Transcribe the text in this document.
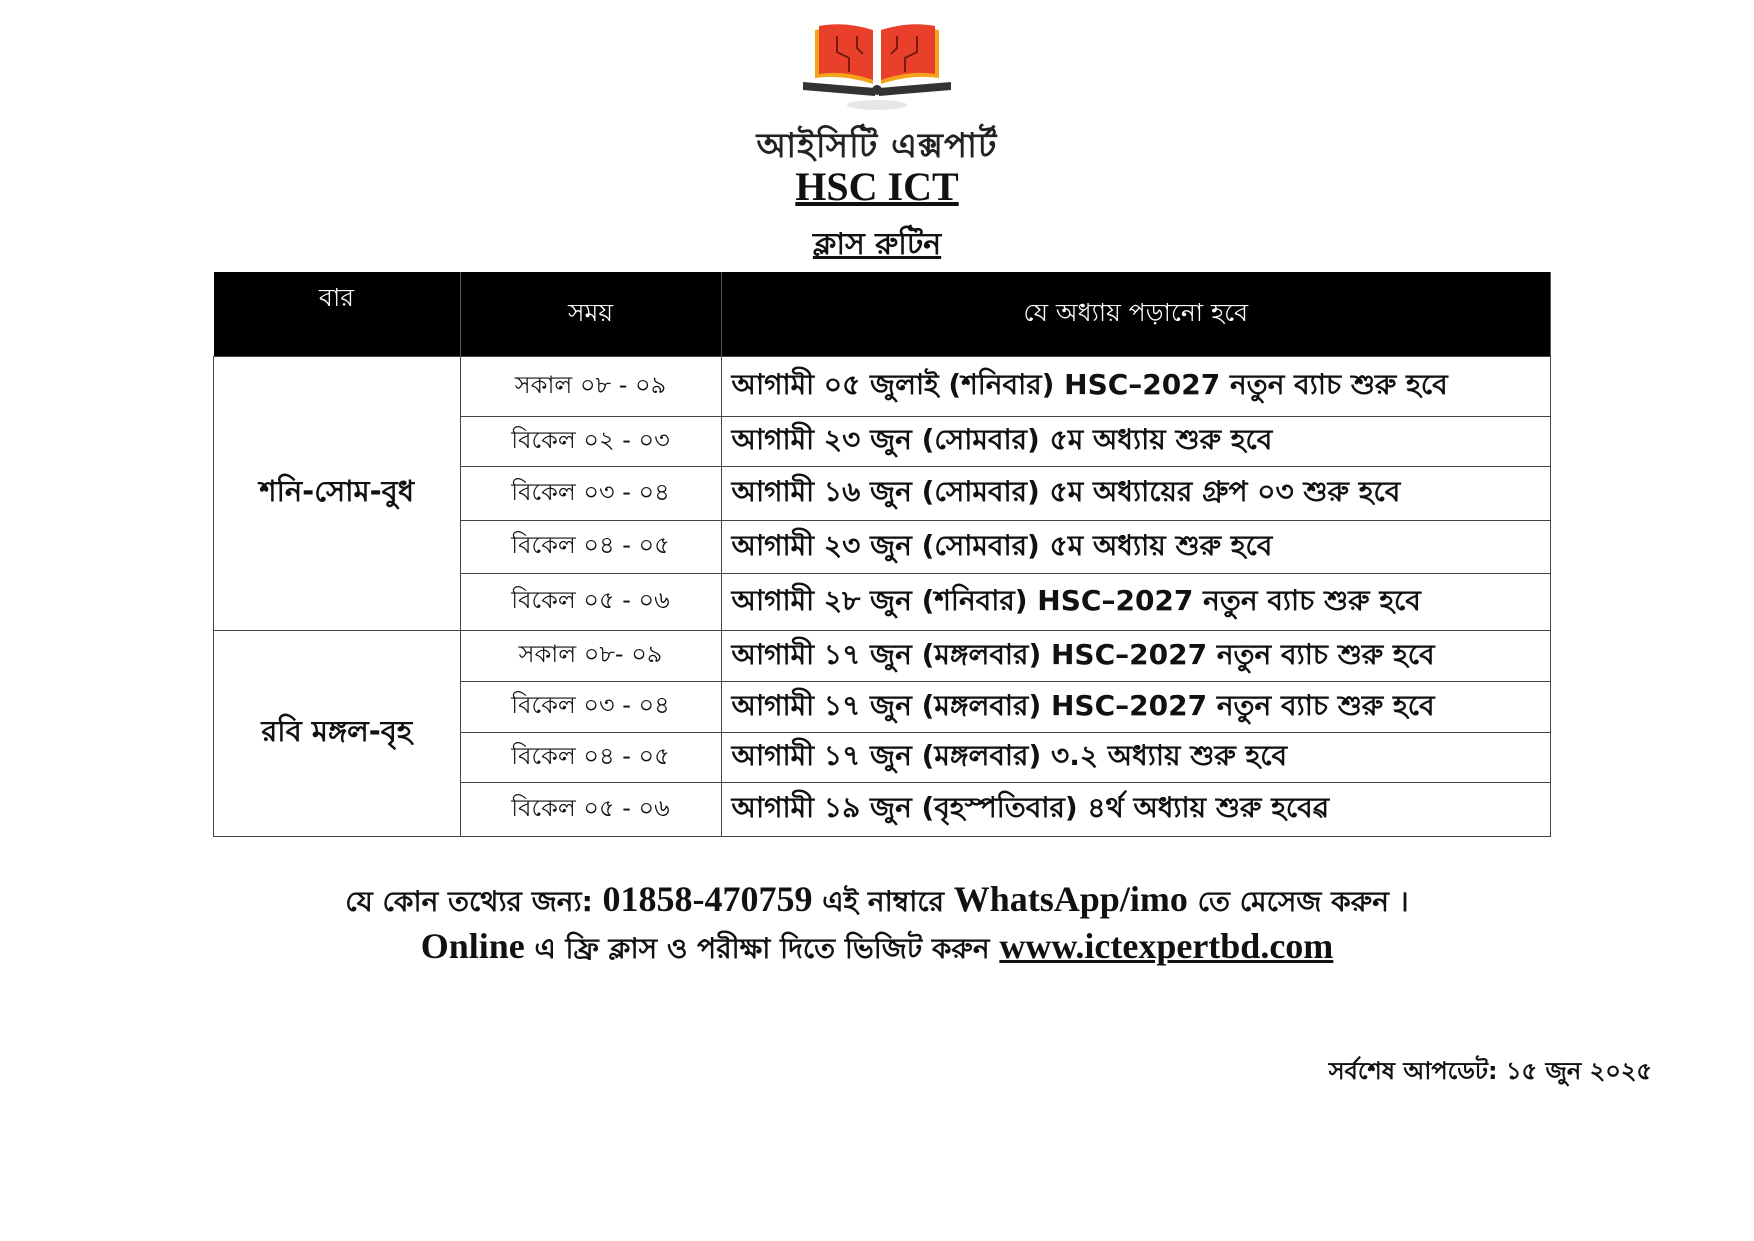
আইসিটি এক্সপার্ট
HSC ICT
ক্লাস রুটিন
বার	সময়	যে অধ্যায় পড়ানো হবে
শনি-সোম-বুধ	সকাল ০৮ - ০৯	আগামী ০৫ জুলাই (শনিবার) HSC–2027 নতুন ব্যাচ শুরু হবে
	বিকেল ০২ - ০৩	আগামী ২৩ জুন (সোমবার) ৫ম অধ্যায় শুরু হবে
	বিকেল ০৩ - ০৪	আগামী ১৬ জুন (সোমবার) ৫ম অধ্যায়ের গ্রুপ ০৩ শুরু হবে
	বিকেল ০৪ - ০৫	আগামী ২৩ জুন (সোমবার) ৫ম অধ্যায় শুরু হবে
	বিকেল ০৫ - ০৬	আগামী ২৮ জুন (শনিবার) HSC–2027 নতুন ব্যাচ শুরু হবে
রবি মঙ্গল-বৃহ	সকাল ০৮- ০৯	আগামী ১৭ জুন (মঙ্গলবার) HSC–2027 নতুন ব্যাচ শুরু হবে
	বিকেল ০৩ - ০৪	আগামী ১৭ জুন (মঙ্গলবার) HSC–2027 নতুন ব্যাচ শুরু হবে
	বিকেল ০৪ - ০৫	আগামী ১৭ জুন (মঙ্গলবার) ৩.২ অধ্যায় শুরু হবে
	বিকেল ০৫ - ০৬	আগামী ১৯ জুন (বৃহস্পতিবার) ৪র্থ অধ্যায় শুরু হবেৱ
যে কোন তথ্যের জন্য: 01858-470759 এই নাম্বারে WhatsApp/imo তে মেসেজ করুন ।
Online এ ফ্রি ক্লাস ও পরীক্ষা দিতে ভিজিট করুন www.ictexpertbd.com
সর্বশেষ আপডেট: ১৫ জুন ২০২৫
